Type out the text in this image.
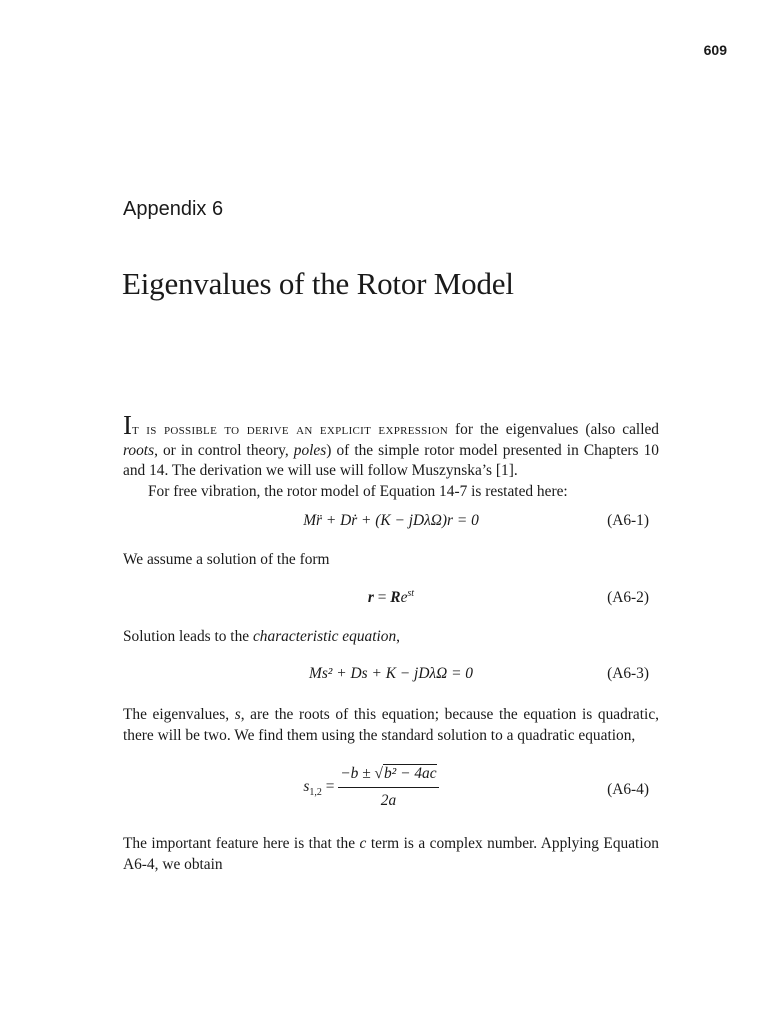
609
Appendix 6
Eigenvalues of the Rotor Model

It is possible to derive an explicit expression for the eigenvalues (also called roots, or in control theory, poles) of the simple rotor model presented in Chapters 10 and 14. The derivation we will use will follow Muszynska’s [1].

For free vibration, the rotor model of Equation 14-7 is restated here:

Mr̈ + Dṙ + (K − jDλΩ)r = 0	(A6-1)

We assume a solution of the form

$r = Re^{st}$	(A6-2)

Solution leads to the characteristic equation,

Ms² + Ds + K − jDλΩ = 0	(A6-3)

The eigenvalues, s, are the roots of this equation; because the equation is quadratic, there will be two. We find them using the standard solution to a quadratic equation,

$s_{1,2} = \frac{\text{−b ± √b² − 4ac}}{2a}$	(A6-4)

The important feature here is that the c term is a complex number. Applying Equation A6-4, we obtain
